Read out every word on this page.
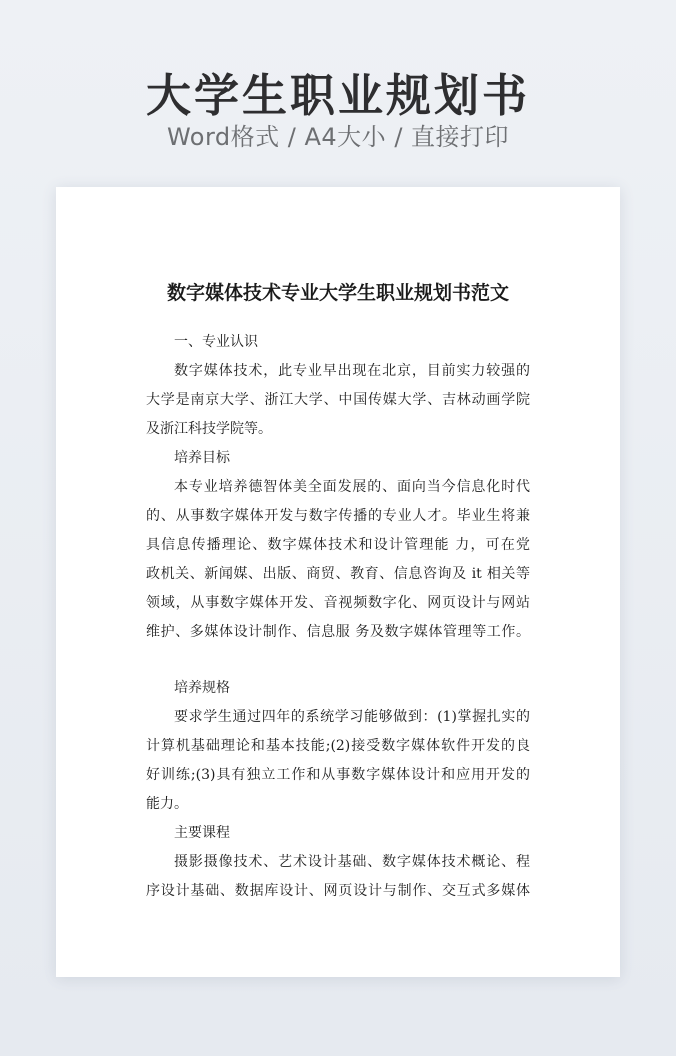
大学生职业规划书
Word格式 / A4大小 / 直接打印
数字媒体技术专业大学生职业规划书范文
一、专业认识
数字媒体技术，此专业早出现在北京，目前实力较强的
大学是南京大学、浙江大学、中国传媒大学、吉林动画学院
及浙江科技学院等。
培养目标
本专业培养德智体美全面发展的、面向当今信息化时代
的、从事数字媒体开发与数字传播的专业人才。毕业生将兼
具信息传播理论、数字媒体技术和设计管理能 力，可在党
政机关、新闻媒、出版、商贸、教育、信息咨询及 it 相关等
领域，从事数字媒体开发、音视频数字化、网页设计与网站
维护、多媒体设计制作、信息服 务及数字媒体管理等工作。
培养规格
要求学生通过四年的系统学习能够做到：(1)掌握扎实的
计算机基础理论和基本技能;(2)接受数字媒体软件开发的良
好训练;(3)具有独立工作和从事数字媒体设计和应用开发的
能力。
主要课程
摄影摄像技术、艺术设计基础、数字媒体技术概论、程
序设计基础、数据库设计、网页设计与制作、交互式多媒体
